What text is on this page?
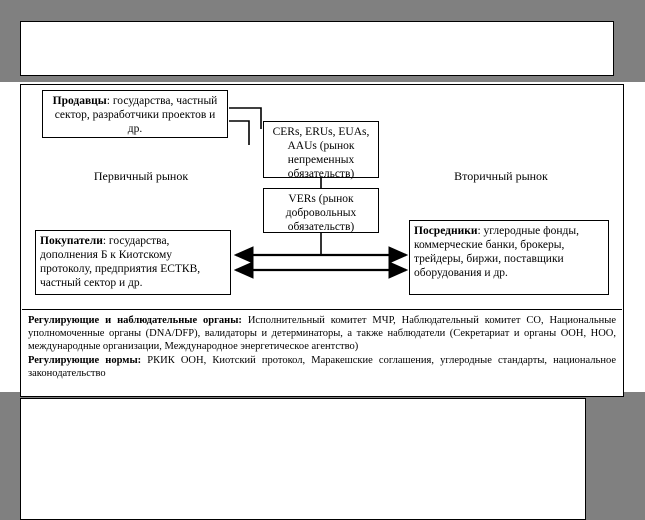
Продавцы: государства, частный сектор, разработчики проектов и др.	CERs, ERUs, EUAs, AAUs (рынок непременных обязательств)
VERs (рынок добровольных обязательств)
Первичный рынок	Вторичный рынок
Покупатели: государства, дополнения Б к Киотскому протоколу, предприятия ЕСТКВ, частный сектор и др.
Посредники: углеродные фонды, коммерческие банки, брокеры, трейдеры, биржи, поставщики оборудования и др.

Регулирующие и наблюдательные органы: Исполнительный комитет МЧР, Наблюдательный комитет СО, Национальные уполномоченные органы (DNA/DFP), валидаторы и детерминаторы, а также наблюдатели (Секретариат и органы ООН, НОО, международные организации, Международное энергетическое агентство)

Регулирующие нормы: РКИК ООН, Киотский протокол, Маракешские соглашения, углеродные стандарты, национальное законодательство
